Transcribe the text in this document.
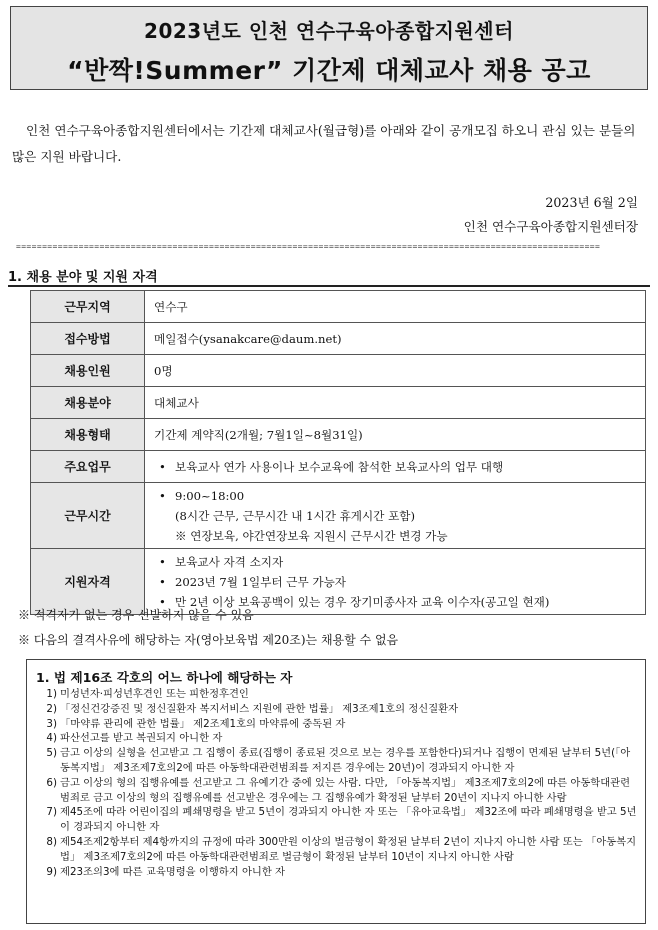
2023년도 인천 연수구육아종합지원센터
“반짝!Summer” 기간제 대체교사 채용 공고
인천 연수구육아종합지원센터에서는 기간제 대체교사(월급형)를 아래와 같이 공개모집 하오니 관심 있는 분들의 많은 지원 바랍니다.
2023년 6월 2일
인천 연수구육아종합지원센터장
================================================================================================================
1. 채용 분야 및 지원 자격
근무지역	연수구
접수방법	메일접수(ysanakcare@daum.net)
채용인원	0명
채용분야	대체교사
채용형태	기간제 계약직(2개월; 7월1일~8월31일)
주요업무	• 보육교사 연가 사용이나 보수교육에 참석한 보육교사의 업무 대행

근무시간	• 9:00~18:00
(8시간 근무, 근무시간 내 1시간 휴게시간 포함)
※ 연장보육, 야간연장보육 지원시 근무시간 변경 가능

지원자격	• 보육교사 자격 소지자
• 2023년 7월 1일부터 근무 가능자
• 만 2년 이상 보육공백이 있는 경우 장기미종사자 교육 이수자(공고일 현재)
※ 적격자가 없는 경우 선발하지 않을 수 있음
※ 다음의 결격사유에 해당하는 자(영아보육법 제20조)는 채용할 수 없음
1. 법 제16조 각호의 어느 하나에 해당하는 자
1) 미성년자·피성년후견인 또는 피한정후견인
2) 「정신건강증진 및 정신질환자 복지서비스 지원에 관한 법률」 제3조제1호의 정신질환자
3) 「마약류 관리에 관한 법률」 제2조제1호의 마약류에 중독된 자
4) 파산선고를 받고 복권되지 아니한 자
5) 금고 이상의 실형을 선고받고 그 집행이 종료(집행이 종료된 것으로 보는 경우를 포함한다)되거나 집행이 면제된 날부터 5년(「아동복지법」 제3조제7호의2에 따른 아동학대관련범죄를 저지른 경우에는 20년)이 경과되지 아니한 자
6) 금고 이상의 형의 집행유예를 선고받고 그 유예기간 중에 있는 사람. 다만, 「아동복지법」 제3조제7호의2에 따른 아동학대관련범죄로 금고 이상의 형의 집행유예를 선고받은 경우에는 그 집행유예가 확정된 날부터 20년이 지나지 아니한 사람
7) 제45조에 따라 어린이집의 폐쇄명령을 받고 5년이 경과되지 아니한 자 또는 「유아교육법」 제32조에 따라 폐쇄명령을 받고 5년이 경과되지 아니한 자
8) 제54조제2항부터 제4항까지의 규정에 따라 300만원 이상의 벌금형이 확정된 날부터 2년이 지나지 아니한 사람 또는 「아동복지법」 제3조제7호의2에 따른 아동학대관련범죄로 벌금형이 확정된 날부터 10년이 지나지 아니한 사람
9) 제23조의3에 따른 교육명령을 이행하지 아니한 자
